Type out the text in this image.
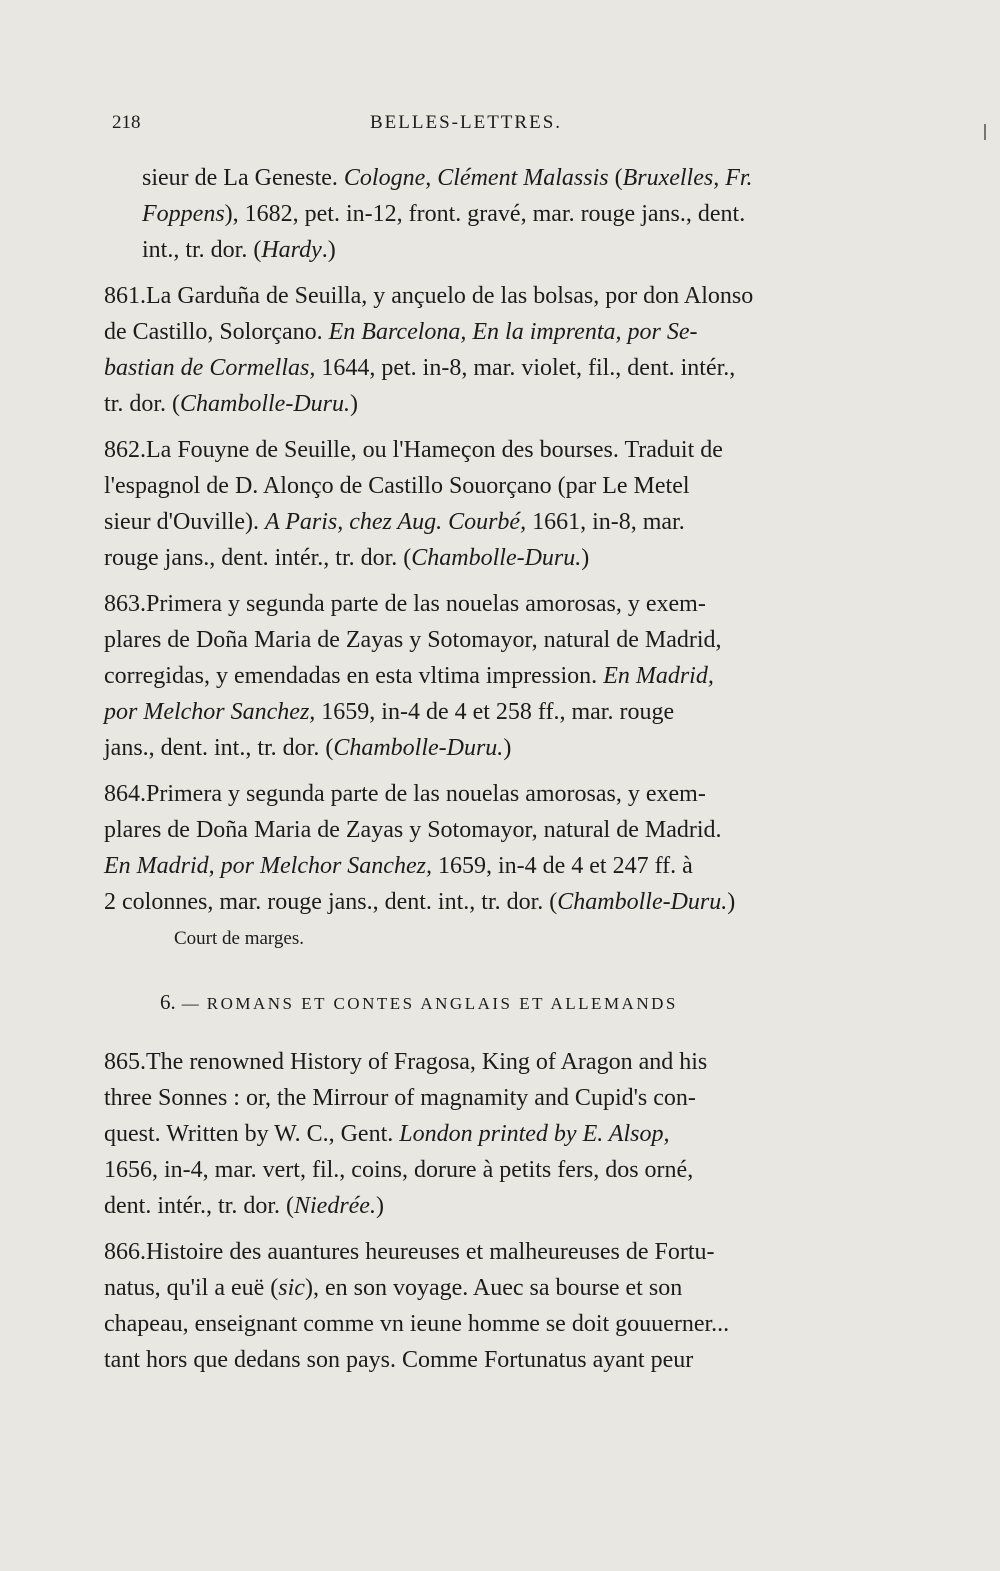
218	BELLES-LETTRES.
sieur de La Geneste. Cologne, Clément Malassis (Bruxelles, Fr.
Foppens), 1682, pet. in-12, front. gravé, mar. rouge jans., dent.
int., tr. dor. (Hardy.)
861.La Garduña de Seuilla, y ançuelo de las bolsas, por don Alonso
de Castillo, Solorçano. En Barcelona, En la imprenta, por Se-
bastian de Cormellas, 1644, pet. in-8, mar. violet, fil., dent. intér.,
tr. dor. (Chambolle-Duru.)
862.La Fouyne de Seuille, ou l'Hameçon des bourses. Traduit de
l'espagnol de D. Alonço de Castillo Souorçano (par Le Metel
sieur d'Ouville). A Paris, chez Aug. Courbé, 1661, in-8, mar.
rouge jans., dent. intér., tr. dor. (Chambolle-Duru.)
863.Primera y segunda parte de las nouelas amorosas, y exem-
plares de Doña Maria de Zayas y Sotomayor, natural de Madrid,
corregidas, y emendadas en esta vltima impression. En Madrid,
por Melchor Sanchez, 1659, in-4 de 4 et 258 ff., mar. rouge
jans., dent. int., tr. dor. (Chambolle-Duru.)
864.Primera y segunda parte de las nouelas amorosas, y exem-
plares de Doña Maria de Zayas y Sotomayor, natural de Madrid.
En Madrid, por Melchor Sanchez, 1659, in-4 de 4 et 247 ff. à
2 colonnes, mar. rouge jans., dent. int., tr. dor. (Chambolle-Duru.)
Court de marges.
6. — ROMANS ET CONTES ANGLAIS ET ALLEMANDS
865.The renowned History of Fragosa, King of Aragon and his
three Sonnes : or, the Mirrour of magnamity and Cupid's con-
quest. Written by W. C., Gent. London printed by E. Alsop,
1656, in-4, mar. vert, fil., coins, dorure à petits fers, dos orné,
dent. intér., tr. dor. (Niedrée.)
866.Histoire des auantures heureuses et malheureuses de Fortu-
natus, qu'il a euë (sic), en son voyage. Auec sa bourse et son
chapeau, enseignant comme vn ieune homme se doit gouuerner...
tant hors que dedans son pays. Comme Fortunatus ayant peur
